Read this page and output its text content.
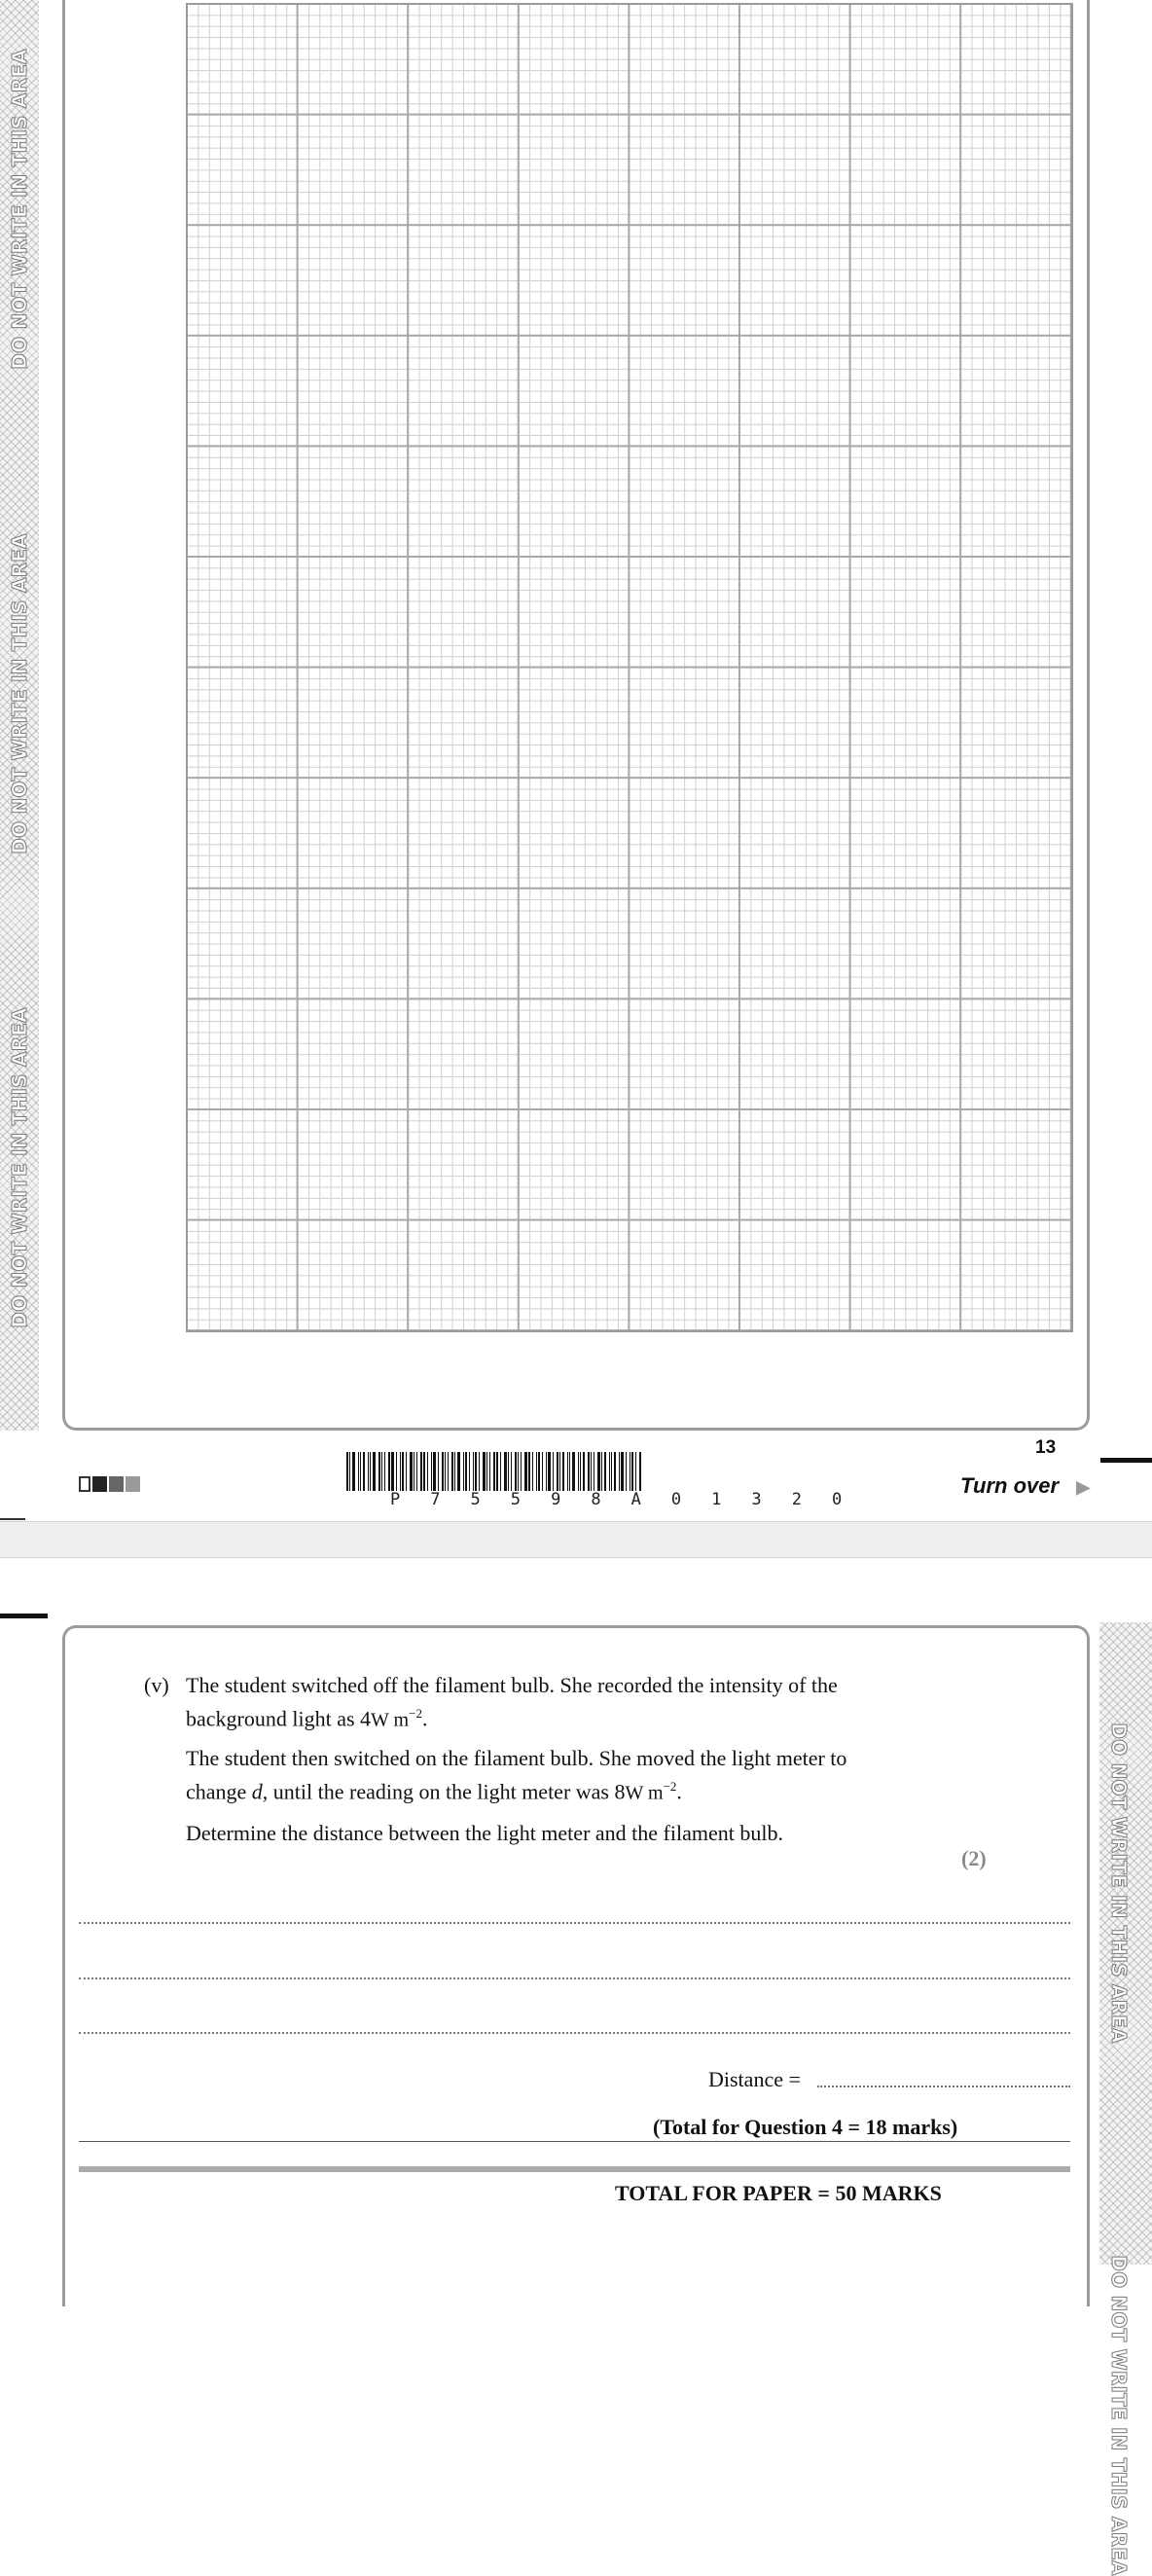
DO NOT WRITE IN THIS AREA
DO NOT WRITE IN THIS AREA
DO NOT WRITE IN THIS AREA
13
P 7 5 5 9 8 A 0 1 3 2 0
Turn over ▶
DO NOT WRITE IN THIS AREA
DO NOT WRITE IN THIS AREA
(v) The student switched off the filament bulb. She recorded the intensity of the
background light as 4W $m^{-2}$.
The student then switched on the filament bulb. She moved the light meter to
change d, until the reading on the light meter was 8W $m^{-2}$.
Determine the distance between the light meter and the filament bulb.
(2)
Distance =
(Total for Question 4 = 18 marks)
TOTAL FOR PAPER = 50 MARKS
